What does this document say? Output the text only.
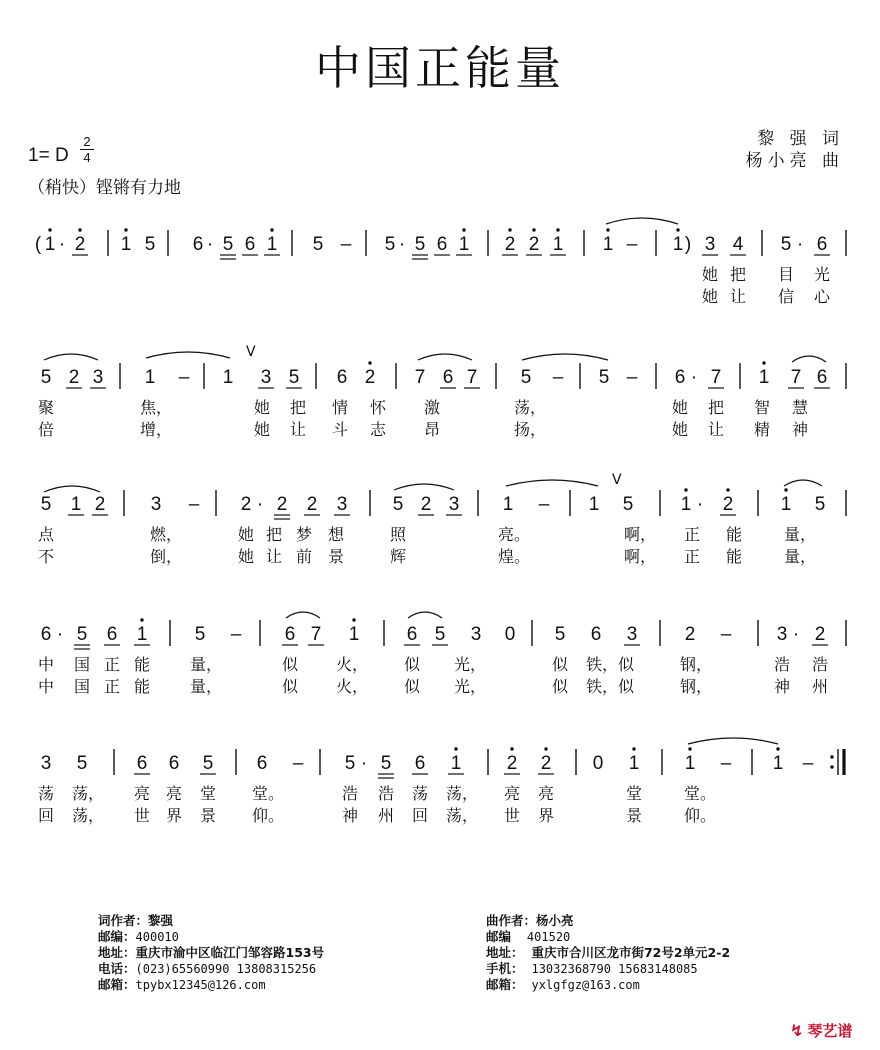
中国正能量
1= D
2
4
（稍快）铿锵有力地
黎 强 词
杨小亮 曲
( 1 · 2 1 5 6 · 5 6 1 5 – 5 · 5 6 1 2 2 1 1 – 1 ) 3 4 5 · 6
5 2 3 1 – 1 3 5 6 2 7 6 7 5 – 5 – 6 · 7 1 7 6
5 1 2 3 – 2 · 2 2 3 5 2 3 1 – 1 5 1 · 2 1 5
6 · 5 6 1 5 – 6 7 1 6 5 3 0 5 6 3 2 – 3 · 2
3 5	6 6 5 6 – 5 · 5 6 1 2 2 0 1 1 – 1 –
她 把 目 光
她 让 信 心
聚	焦，	她 把 情 怀 激	荡，	她 把 智 慧
倍	增，	她 让 斗 志 昂	扬，	她 让 精 神
点	燃，	她 把 梦 想	照	亮。	啊， 正 能	量，
不	倒，	她 让 前 景	辉	煌。	啊， 正 能	量，
中 国 正 能 量，	似 火， 似 光，	似 铁，似	钢，	浩 浩
中 国 正 能 量，	似 火， 似 光，	似 铁，似	钢，	神 州
荡 荡， 亮 亮 堂 堂。	浩 浩 荡 荡， 亮 亮	堂	堂。
回 荡， 世 界 景 仰。	神 州 回 荡， 世 界	景	仰。
V
V
词作者：黎强
邮编：400010
地址：重庆市渝中区临江门邹容路153号
电话：(023)65560990 13808315256
邮箱：tpybx12345@126.com
曲作者：杨小亮
邮编 401520
地址： 重庆市合川区龙市街72号2单元2-2
手机： 13032368790 15683148085
邮箱： yxlgfgz@163.com
↯ 琴艺谱
